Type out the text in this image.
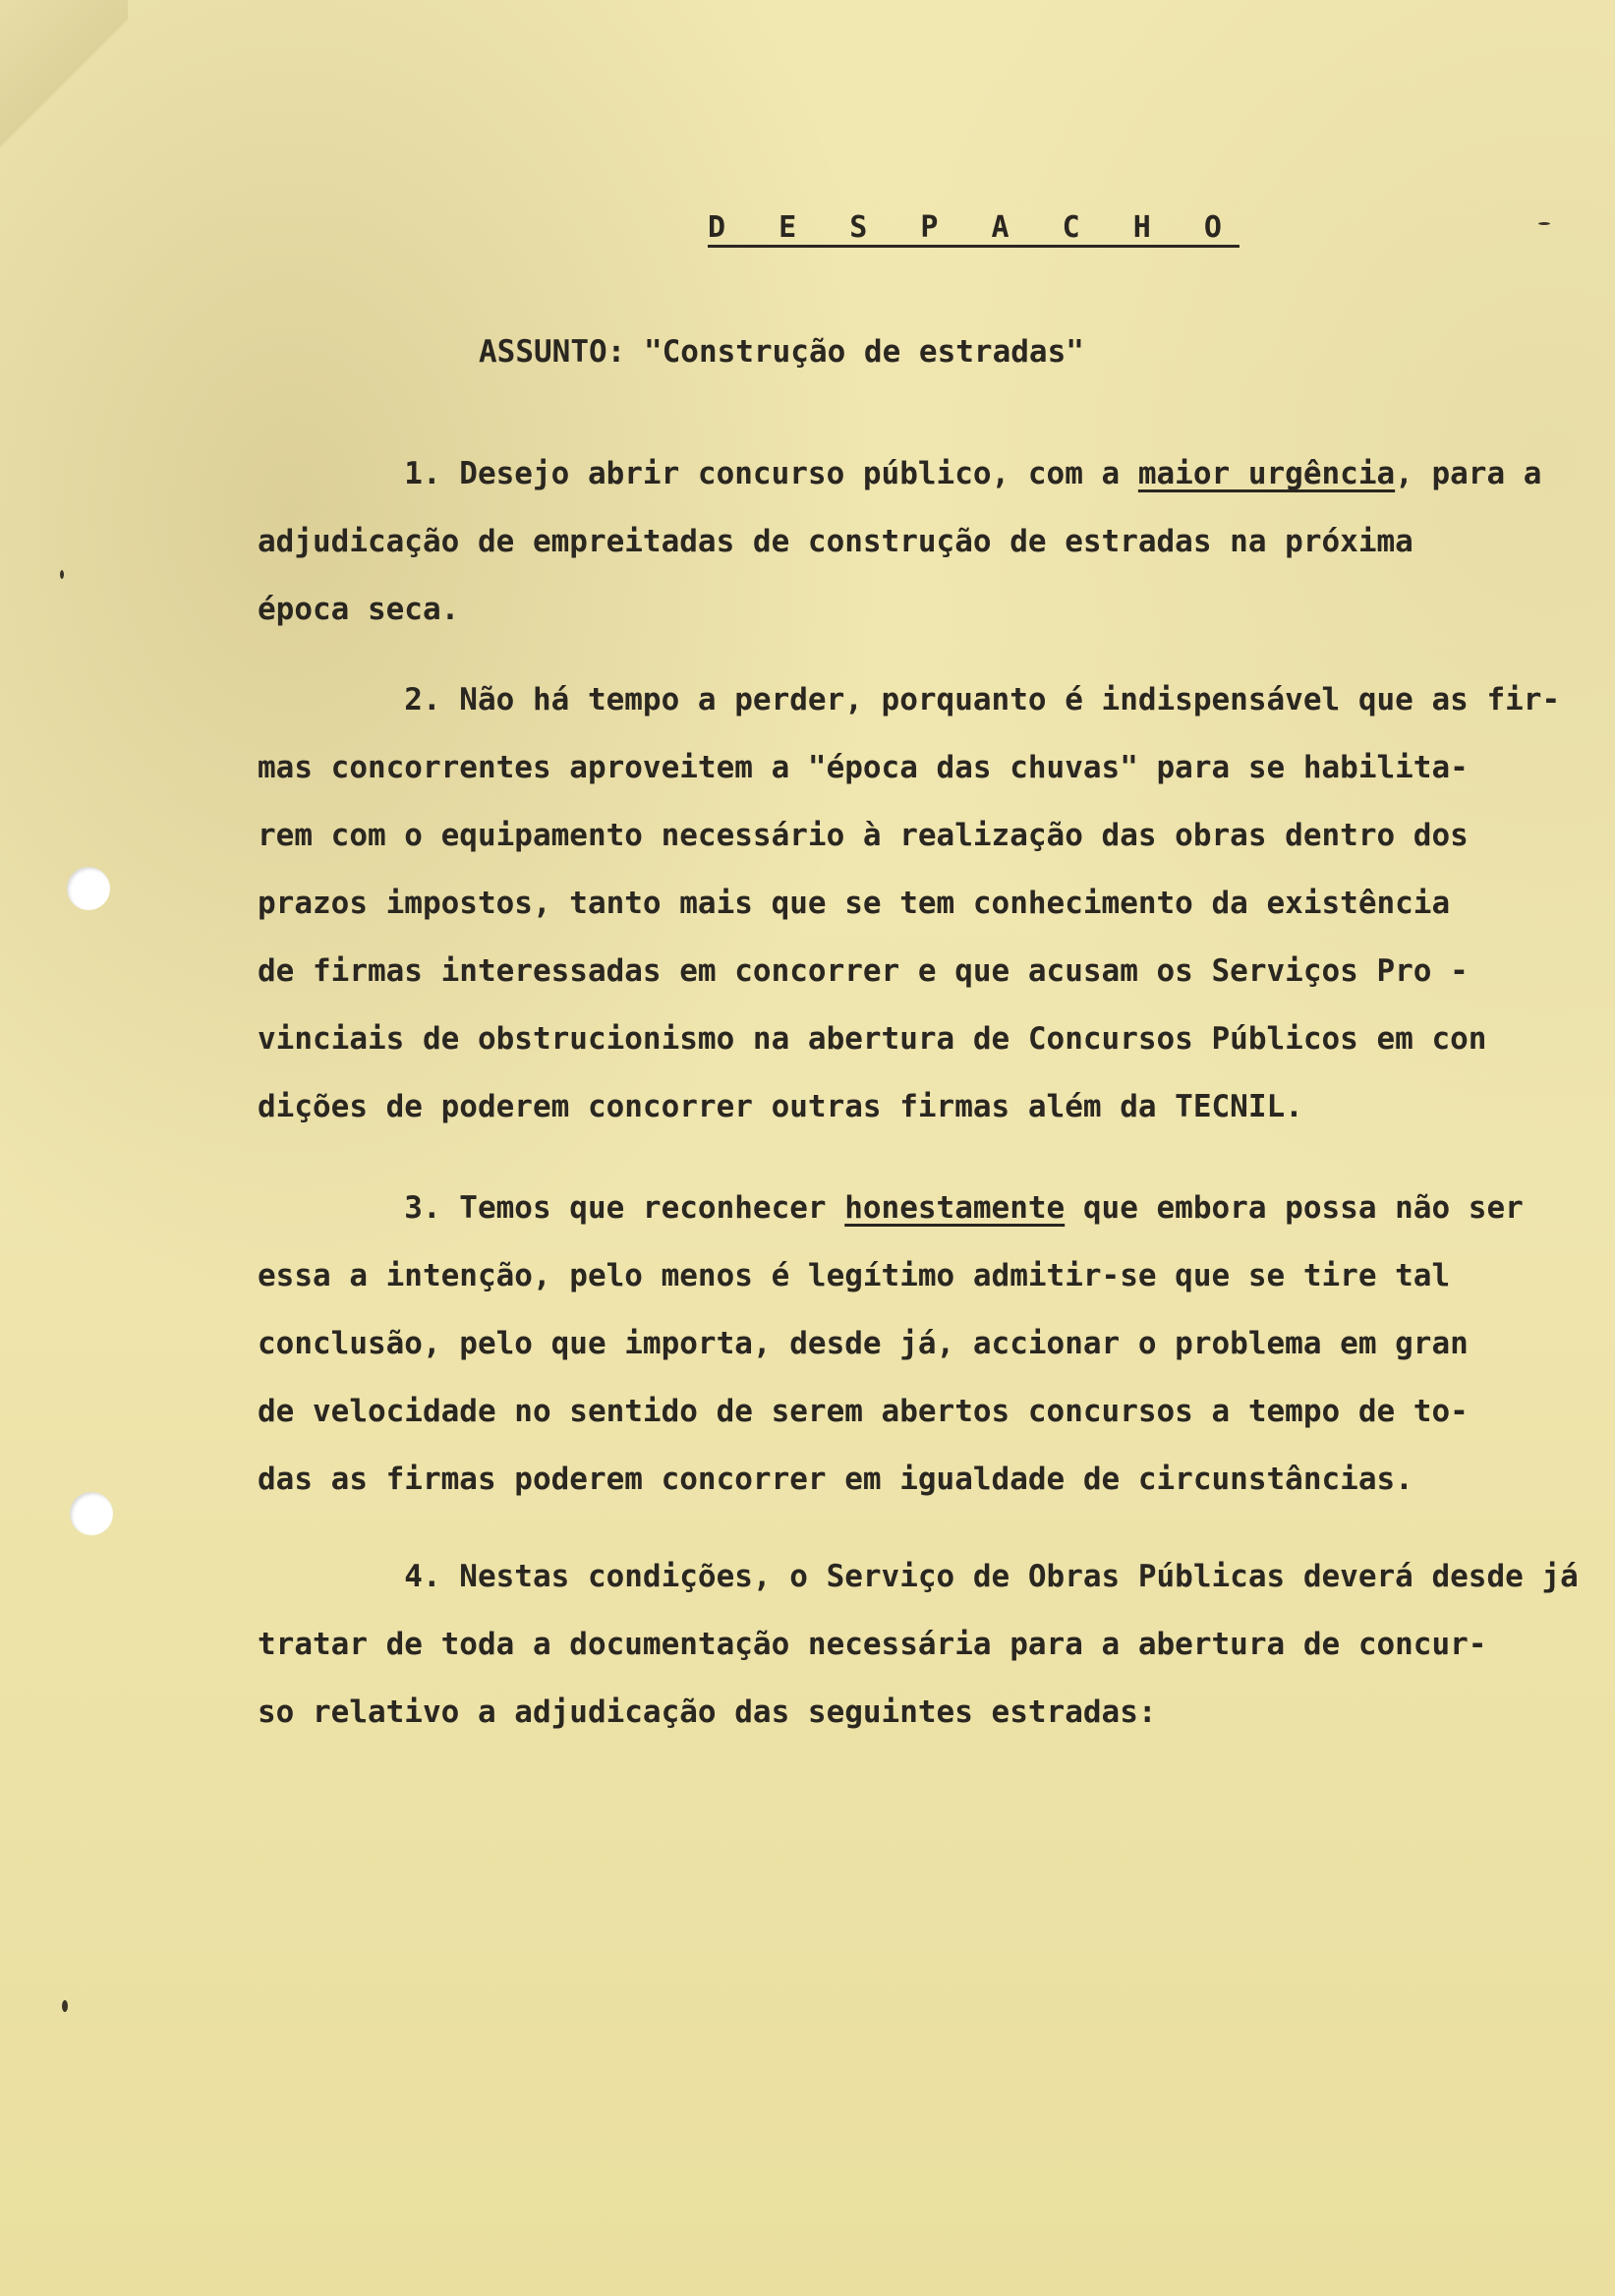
D E S P A C H O
ASSUNTO: "Construção de estradas"
1. Desejo abrir concurso público, com a maior urgência, para a
adjudicação de empreitadas de construção de estradas na próxima
época seca.
2. Não há tempo a perder, porquanto é indispensável que as fir-
mas concorrentes aproveitem a "época das chuvas" para se habilita-
rem com o equipamento necessário à realização das obras dentro dos
prazos impostos, tanto mais que se tem conhecimento da existência
de firmas interessadas em concorrer e que acusam os Serviços Pro -
vinciais de obstrucionismo na abertura de Concursos Públicos em con
dições de poderem concorrer outras firmas além da TECNIL.
3. Temos que reconhecer honestamente que embora possa não ser
essa a intenção, pelo menos é legítimo admitir-se que se tire tal
conclusão, pelo que importa, desde já, accionar o problema em gran
de velocidade no sentido de serem abertos concursos a tempo de to-
das as firmas poderem concorrer em igualdade de circunstâncias.
4. Nestas condições, o Serviço de Obras Públicas deverá desde já
tratar de toda a documentação necessária para a abertura de concur-
so relativo a adjudicação das seguintes estradas:
